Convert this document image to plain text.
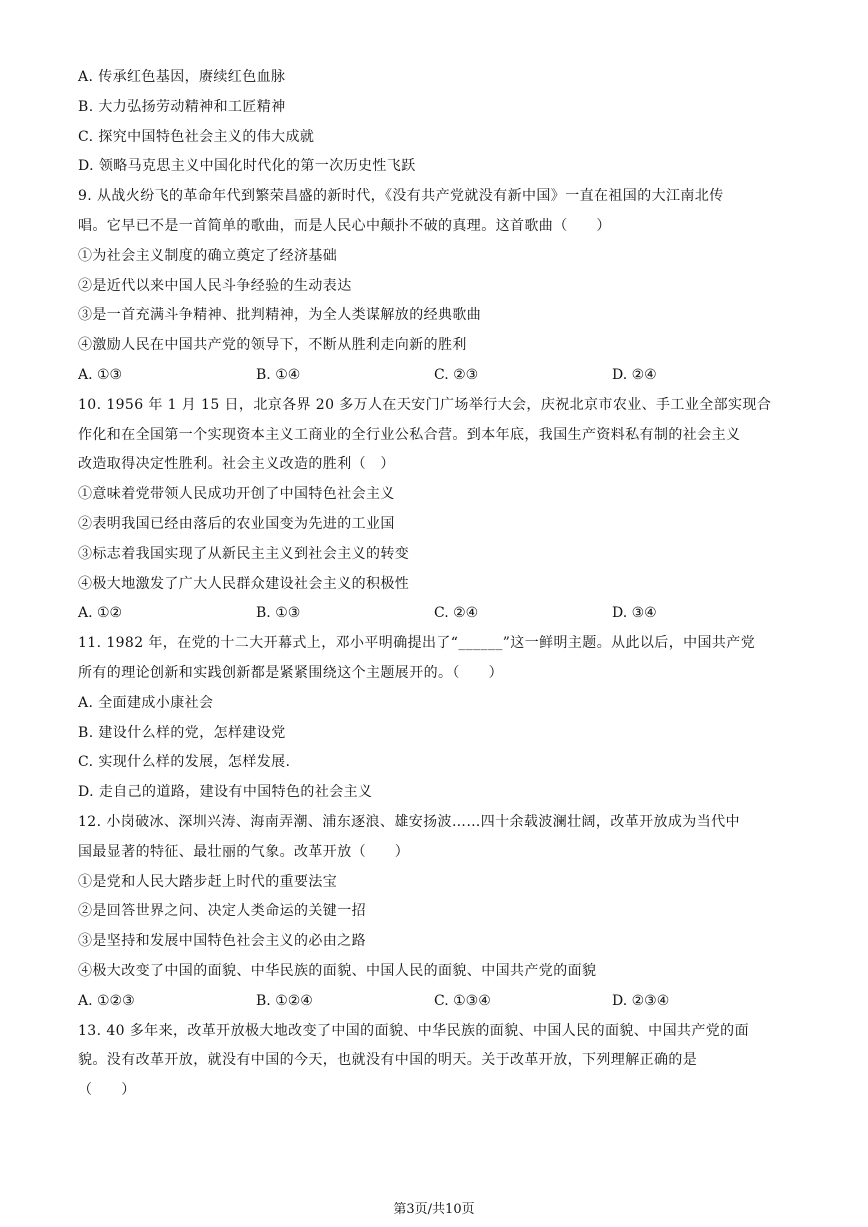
A. 传承红色基因，赓续红色血脉
B. 大力弘扬劳动精神和工匠精神
C. 探究中国特色社会主义的伟大成就
D. 领略马克思主义中国化时代化的第一次历史性飞跃
9. 从战火纷飞的革命年代到繁荣昌盛的新时代，《没有共产党就没有新中国》一直在祖国的大江南北传
唱。它早已不是一首简单的歌曲，而是人民心中颠扑不破的真理。这首歌曲（　　）
①为社会主义制度的确立奠定了经济基础
②是近代以来中国人民斗争经验的生动表达
③是一首充满斗争精神、批判精神，为全人类谋解放的经典歌曲
④激励人民在中国共产党的领导下，不断从胜利走向新的胜利
A. ①③	B. ①④	C. ②③	D. ②④
10. 1956 年 1 月 15 日，北京各界 20 多万人在天安门广场举行大会，庆祝北京市农业、手工业全部实现合
作化和在全国第一个实现资本主义工商业的全行业公私合营。到本年底，我国生产资料私有制的社会主义
改造取得决定性胜利。社会主义改造的胜利（　）
①意味着党带领人民成功开创了中国特色社会主义
②表明我国已经由落后的农业国变为先进的工业国
③标志着我国实现了从新民主主义到社会主义的转变
④极大地激发了广大人民群众建设社会主义的积极性
A. ①②	B. ①③	C. ②④	D. ③④
11. 1982 年，在党的十二大开幕式上，邓小平明确提出了“______”这一鲜明主题。从此以后，中国共产党
所有的理论创新和实践创新都是紧紧围绕这个主题展开的。（　　）
A. 全面建成小康社会
B. 建设什么样的党，怎样建设党
C. 实现什么样的发展，怎样发展.
D. 走自己的道路，建设有中国特色的社会主义
12. 小岗破冰、深圳兴涛、海南弄潮、浦东逐浪、雄安扬波……四十余载波澜壮阔，改革开放成为当代中
国最显著的特征、最壮丽的气象。改革开放（　　）
①是党和人民大踏步赶上时代的重要法宝
②是回答世界之问、决定人类命运的关键一招
③是坚持和发展中国特色社会主义的必由之路
④极大改变了中国的面貌、中华民族的面貌、中国人民的面貌、中国共产党的面貌
A. ①②③	B. ①②④	C. ①③④	D. ②③④
13. 40 多年来，改革开放极大地改变了中国的面貌、中华民族的面貌、中国人民的面貌、中国共产党的面
貌。没有改革开放，就没有中国的今天，也就没有中国的明天。关于改革开放，下列理解正确的是
（　　）
第3页/共10页
